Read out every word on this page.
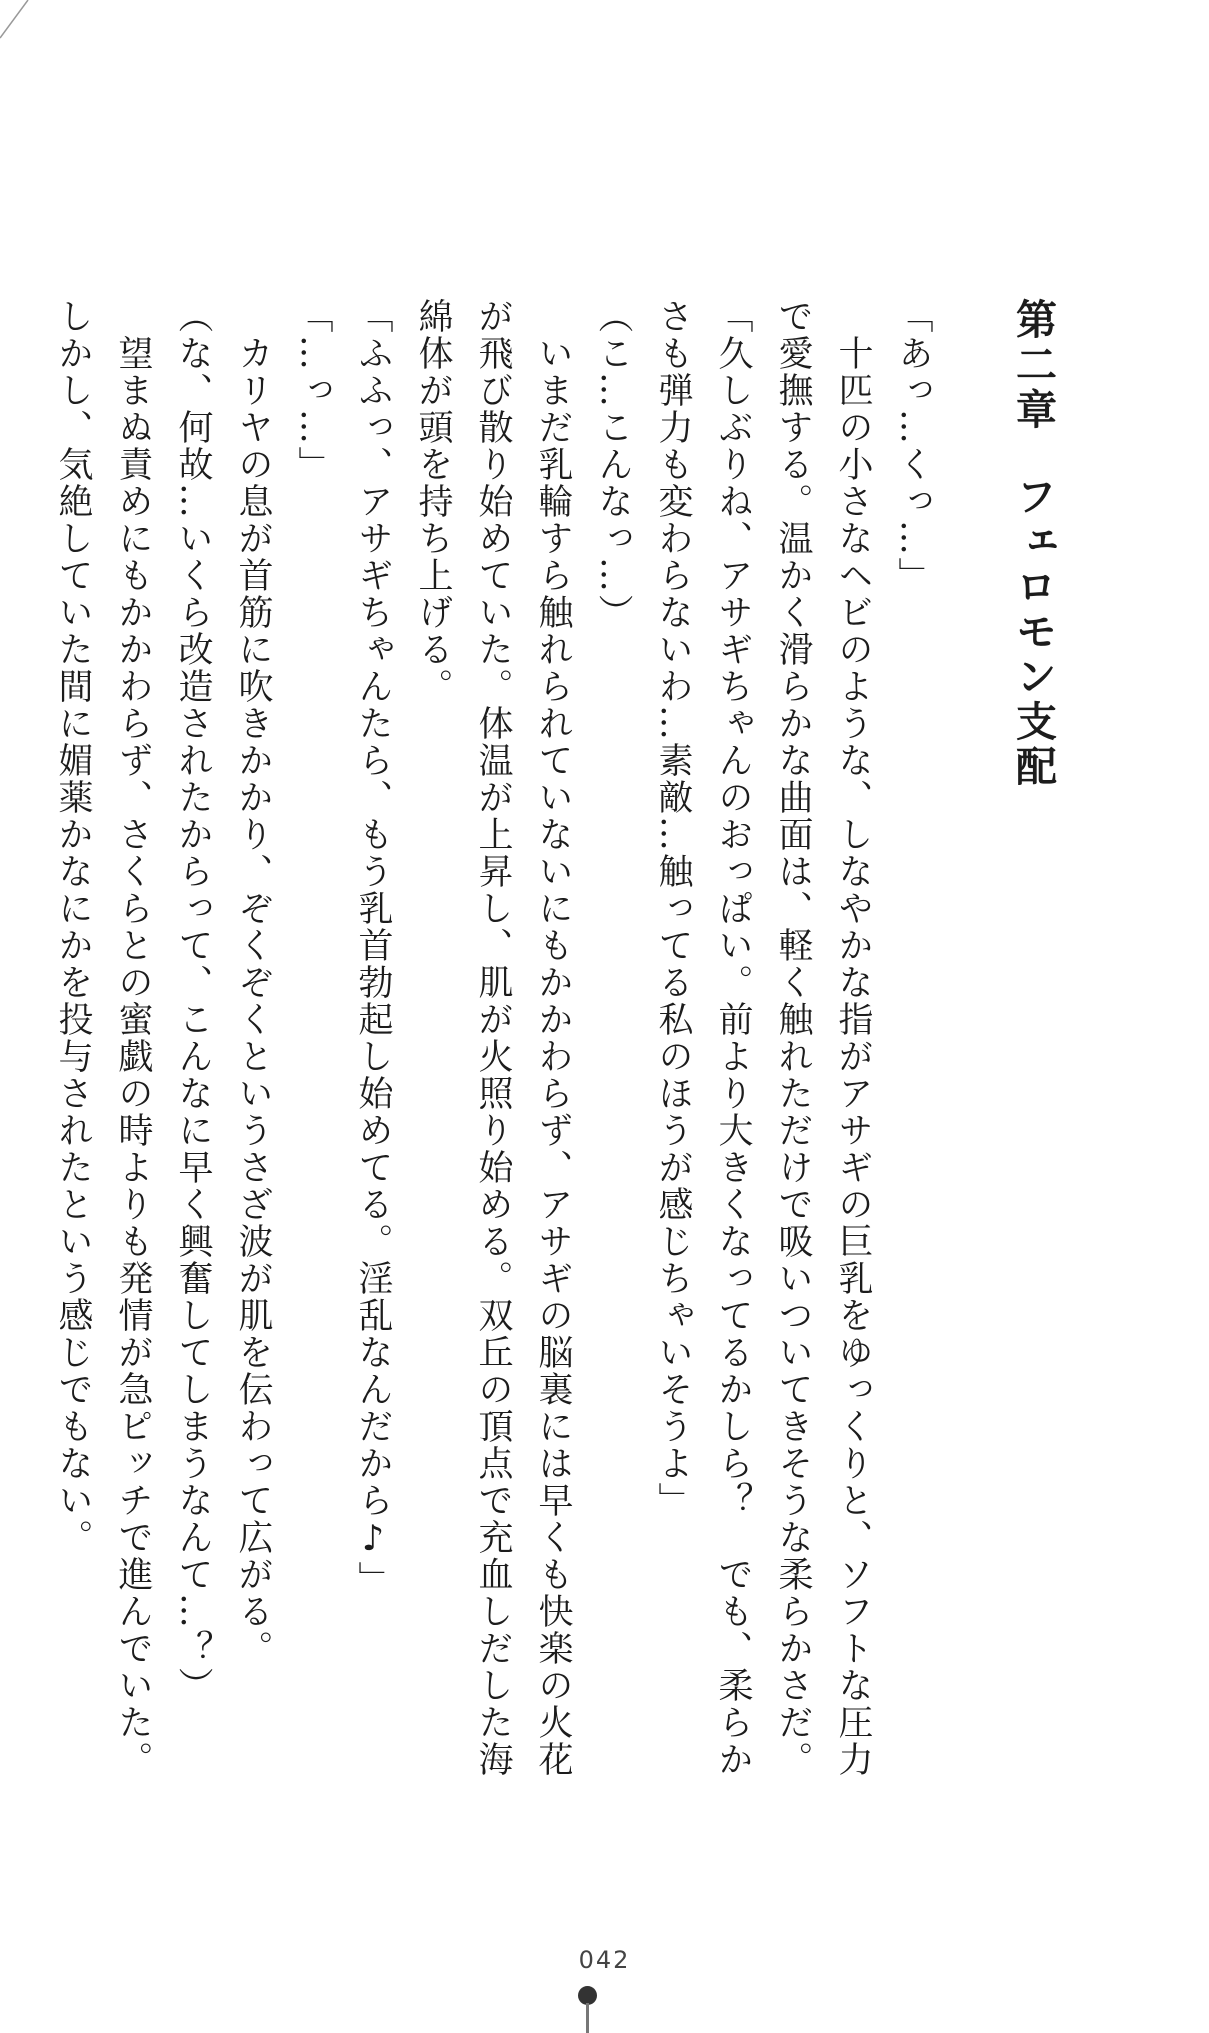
第二章フェロモン支配

「あっ…くっ…」

　十匹の小さなヘビのような、しなやかな指がアサギの巨乳をゆっくりと、ソフトな圧力

で愛撫する。温かく滑らかな曲面は、軽く触れただけで吸いついてきそうな柔らかさだ。

「久しぶりね、アサギちゃんのおっぱい。前より大きくなってるかしら？　でも、柔らか

さも弾力も変わらないわ…素敵…触ってる私のほうが感じちゃいそうよ」

（こ…こんなっ…）

　いまだ乳輪すら触れられていないにもかかわらず、アサギの脳裏には早くも快楽の火花

が飛び散り始めていた。体温が上昇し、肌が火照り始める。双丘の頂点で充血しだした海

綿体が頭を持ち上げる。

「ふふっ、アサギちゃんたら、もう乳首勃起し始めてる。淫乱なんだから♪」

「…っ…」

　カリヤの息が首筋に吹きかかり、ぞくぞくというさざ波が肌を伝わって広がる。

（な、何故…いくら改造されたからって、こんなに早く興奮してしまうなんて…？）

　望まぬ責めにもかかわらず、さくらとの蜜戯の時よりも発情が急ピッチで進んでいた。

しかし、気絶していた間に媚薬かなにかを投与されたという感じでもない。

042
